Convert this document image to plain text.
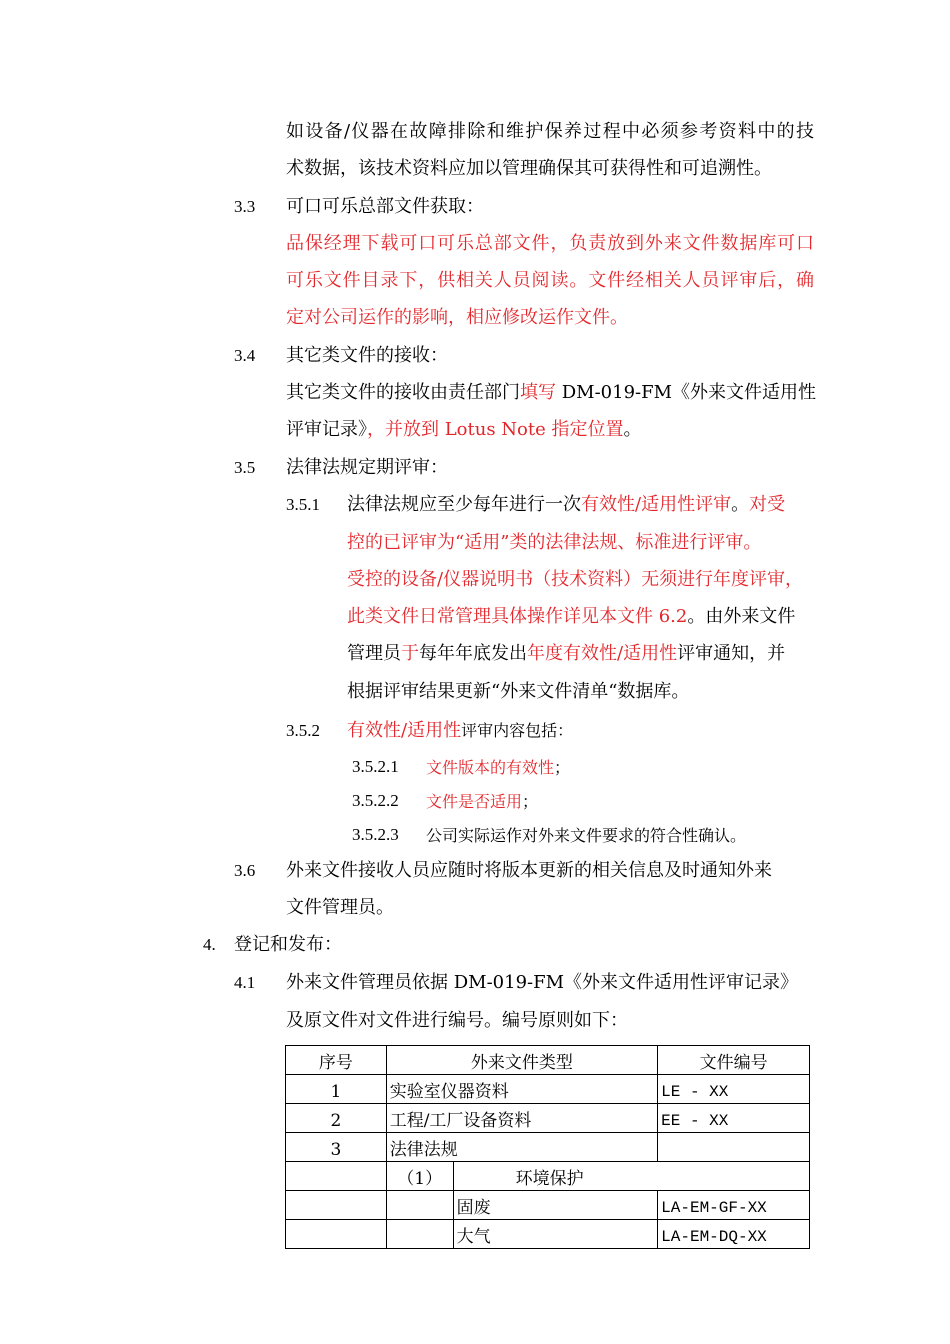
如设备/仪器在故障排除和维护保养过程中必须参考资料中的技
术数据，该技术资料应加以管理确保其可获得性和可追溯性。
3.3 可口可乐总部文件获取：
品保经理下载可口可乐总部文件，负责放到外来文件数据库可口
可乐文件目录下，供相关人员阅读。文件经相关人员评审后，确
定对公司运作的影响，相应修改运作文件。
3.4 其它类文件的接收：
其它类文件的接收由责任部门填写 DM-019-FM《外来文件适用性
评审记录》，并放到 Lotus Note 指定位置。
3.5 法律法规定期评审：
3.5.1 法律法规应至少每年进行一次有效性/适用性评审。对受
控的已评审为“适用”类的法律法规、标准进行评审。
受控的设备/仪器说明书（技术资料）无须进行年度评审，
此类文件日常管理具体操作详见本文件 6.2。由外来文件
管理员于每年年底发出年度有效性/适用性评审通知，并
根据评审结果更新“外来文件清单“数据库。
3.5.2 有效性/适用性评审内容包括：
3.5.2.1 文件版本的有效性；
3.5.2.2 文件是否适用；
3.5.2.3 公司实际运作对外来文件要求的符合性确认。
3.6 外来文件接收人员应随时将版本更新的相关信息及时通知外来
文件管理员。
4. 登记和发布：
4.1 外来文件管理员依据 DM-019-FM《外来文件适用性评审记录》
及原文件对文件进行编号。编号原则如下：
序号	外来文件类型		文件编号
1	实验室仪器资料		LE - XX
2	工程/工厂设备资料		EE - XX
3	法律法规		
	（1）	环境保护	
		固废	LA-EM-GF-XX
		大气	LA-EM-DQ-XX
